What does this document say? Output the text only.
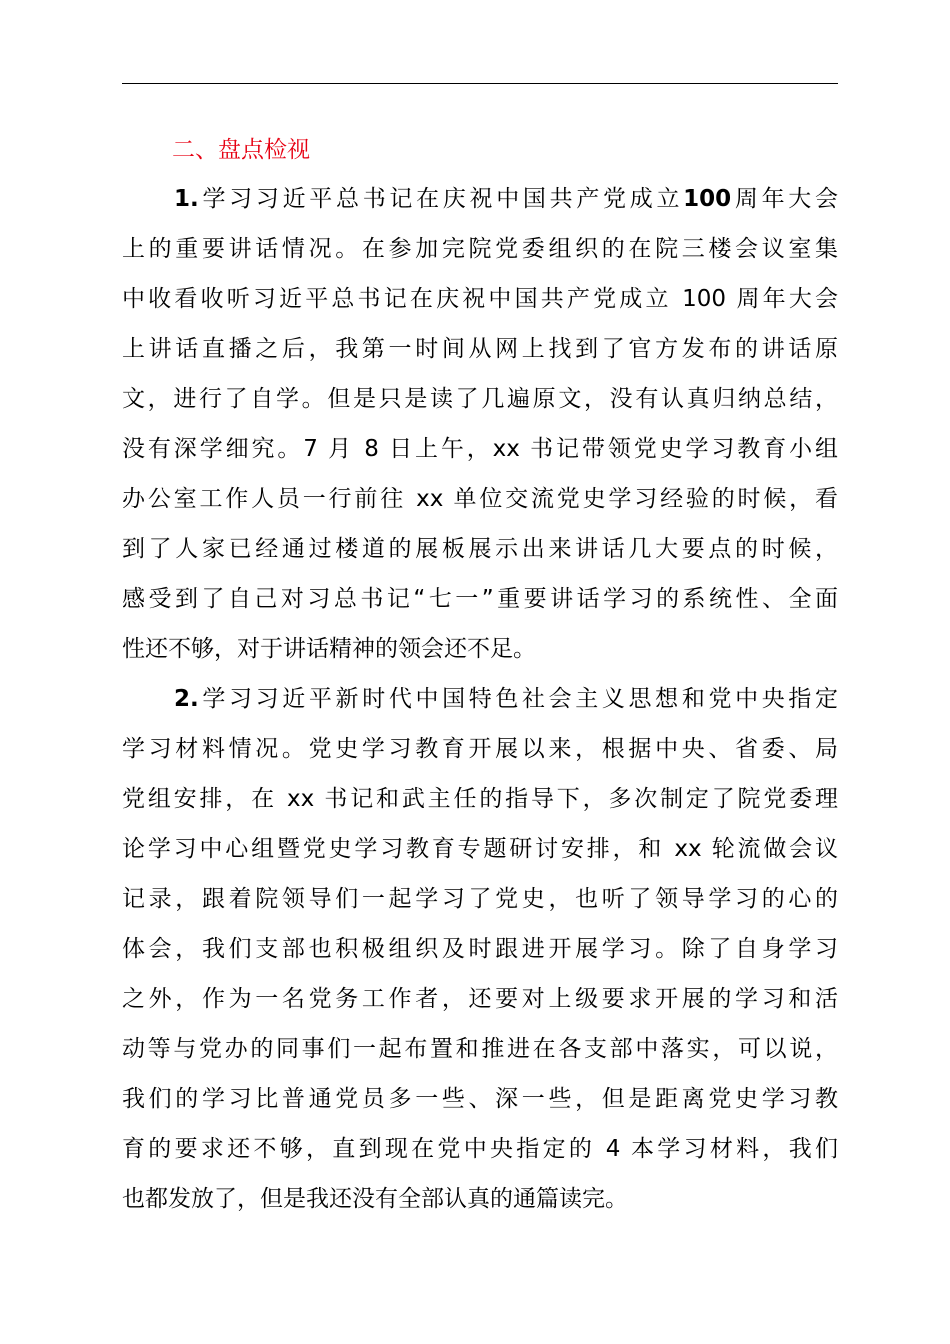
二、盘点检视
1.学习习近平总书记在庆祝中国共产党成立100周年大会
上的重要讲话情况。在参加完院党委组织的在院三楼会议室集
中收看收听习近平总书记在庆祝中国共产党成立 100 周年大会
上讲话直播之后，我第一时间从网上找到了官方发布的讲话原
文，进行了自学。但是只是读了几遍原文，没有认真归纳总结，
没有深学细究。7 月 8 日上午，xx 书记带领党史学习教育小组
办公室工作人员一行前往 xx 单位交流党史学习经验的时候，看
到了人家已经通过楼道的展板展示出来讲话几大要点的时候，
感受到了自己对习总书记“七一”重要讲话学习的系统性、全面
性还不够，对于讲话精神的领会还不足。
2.学习习近平新时代中国特色社会主义思想和党中央指定
学习材料情况。党史学习教育开展以来，根据中央、省委、局
党组安排，在 xx 书记和武主任的指导下，多次制定了院党委理
论学习中心组暨党史学习教育专题研讨安排，和 xx 轮流做会议
记录，跟着院领导们一起学习了党史，也听了领导学习的心的
体会，我们支部也积极组织及时跟进开展学习。除了自身学习
之外，作为一名党务工作者，还要对上级要求开展的学习和活
动等与党办的同事们一起布置和推进在各支部中落实，可以说，
我们的学习比普通党员多一些、深一些，但是距离党史学习教
育的要求还不够，直到现在党中央指定的 4 本学习材料，我们
也都发放了，但是我还没有全部认真的通篇读完。
